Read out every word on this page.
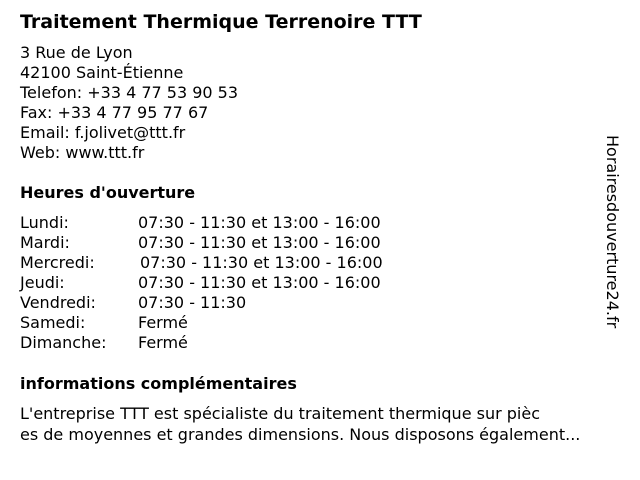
Traitement Thermique Terrenoire TTT
3 Rue de Lyon
42100 Saint-Étienne
Telefon: +33 4 77 53 90 53
Fax: +33 4 77 95 77 67
Email: f.jolivet@ttt.fr
Web: www.ttt.fr
Heures d'ouverture
Lundi:	07:30 - 11:30 et 13:00 - 16:00
Mardi:	07:30 - 11:30 et 13:00 - 16:00
Mercredi:	07:30 - 11:30 et 13:00 - 16:00
Jeudi:	07:30 - 11:30 et 13:00 - 16:00
Vendredi:	07:30 - 11:30
Samedi:	Fermé
Dimanche: Fermé
informations complémentaires
L'entreprise TTT est spécialiste du traitement thermique sur pièc
es de moyennes et grandes dimensions. Nous disposons également...
Horairesdouverture24.fr
